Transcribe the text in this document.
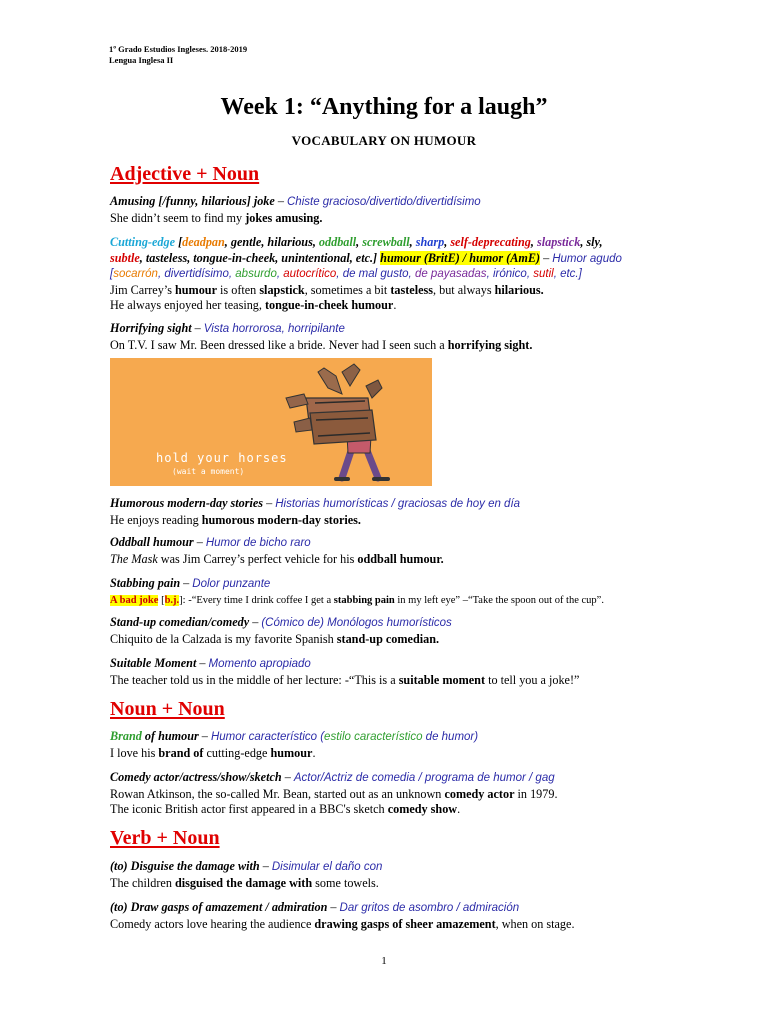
1º Grado Estudios Ingleses. 2018-2019
Lengua Inglesa II
Week 1: “Anything for a laugh”
VOCABULARY ON HUMOUR
Adjective + Noun
Amusing [/funny, hilarious] joke – Chiste gracioso/divertido/divertidísimo
She didn’t seem to find my jokes amusing.
Cutting-edge [deadpan, gentle, hilarious, oddball, screwball, sharp, self-deprecating, slapstick, sly,
subtle, tasteless, tongue-in-cheek, unintentional, etc.] humour (BritE) / humor (AmE) – Humor agudo
[socarrón, divertidísimo, absurdo, autocrítico, de mal gusto, de payasadas, irónico, sutil, etc.]
Jim Carrey’s humour is often slapstick, sometimes a bit tasteless, but always hilarious.
He always enjoyed her teasing, tongue-in-cheek humour.
Horrifying sight – Vista horrorosa, horripilante
On T.V. I saw Mr. Been dressed like a bride. Never had I seen such a horrifying sight.
hold your horses
(wait a moment)
Humorous modern-day stories – Historias humorísticas / graciosas de hoy en día
He enjoys reading humorous modern-day stories.
Oddball humour – Humor de bicho raro
The Mask was Jim Carrey’s perfect vehicle for his oddball humour.
Stabbing pain – Dolor punzante
A bad joke [b.j.]: -“Every time I drink coffee I get a stabbing pain in my left eye” –“Take the spoon out of the cup”.
Stand-up comedian/comedy – (Cómico de) Monólogos humorísticos
Chiquito de la Calzada is my favorite Spanish stand-up comedian.
Suitable Moment – Momento apropiado
The teacher told us in the middle of her lecture: -“This is a suitable moment to tell you a joke!”
Noun + Noun
Brand of humour – Humor característico (estilo característico de humor)
I love his brand of cutting-edge humour.
Comedy actor/actress/show/sketch – Actor/Actriz de comedia / programa de humor / gag
Rowan Atkinson, the so-called Mr. Bean, started out as an unknown comedy actor in 1979.
The iconic British actor first appeared in a BBC's sketch comedy show.
Verb + Noun
(to) Disguise the damage with – Disimular el daño con
The children disguised the damage with some towels.
(to) Draw gasps of amazement / admiration – Dar gritos de asombro / admiración
Comedy actors love hearing the audience drawing gasps of sheer amazement, when on stage.
1
